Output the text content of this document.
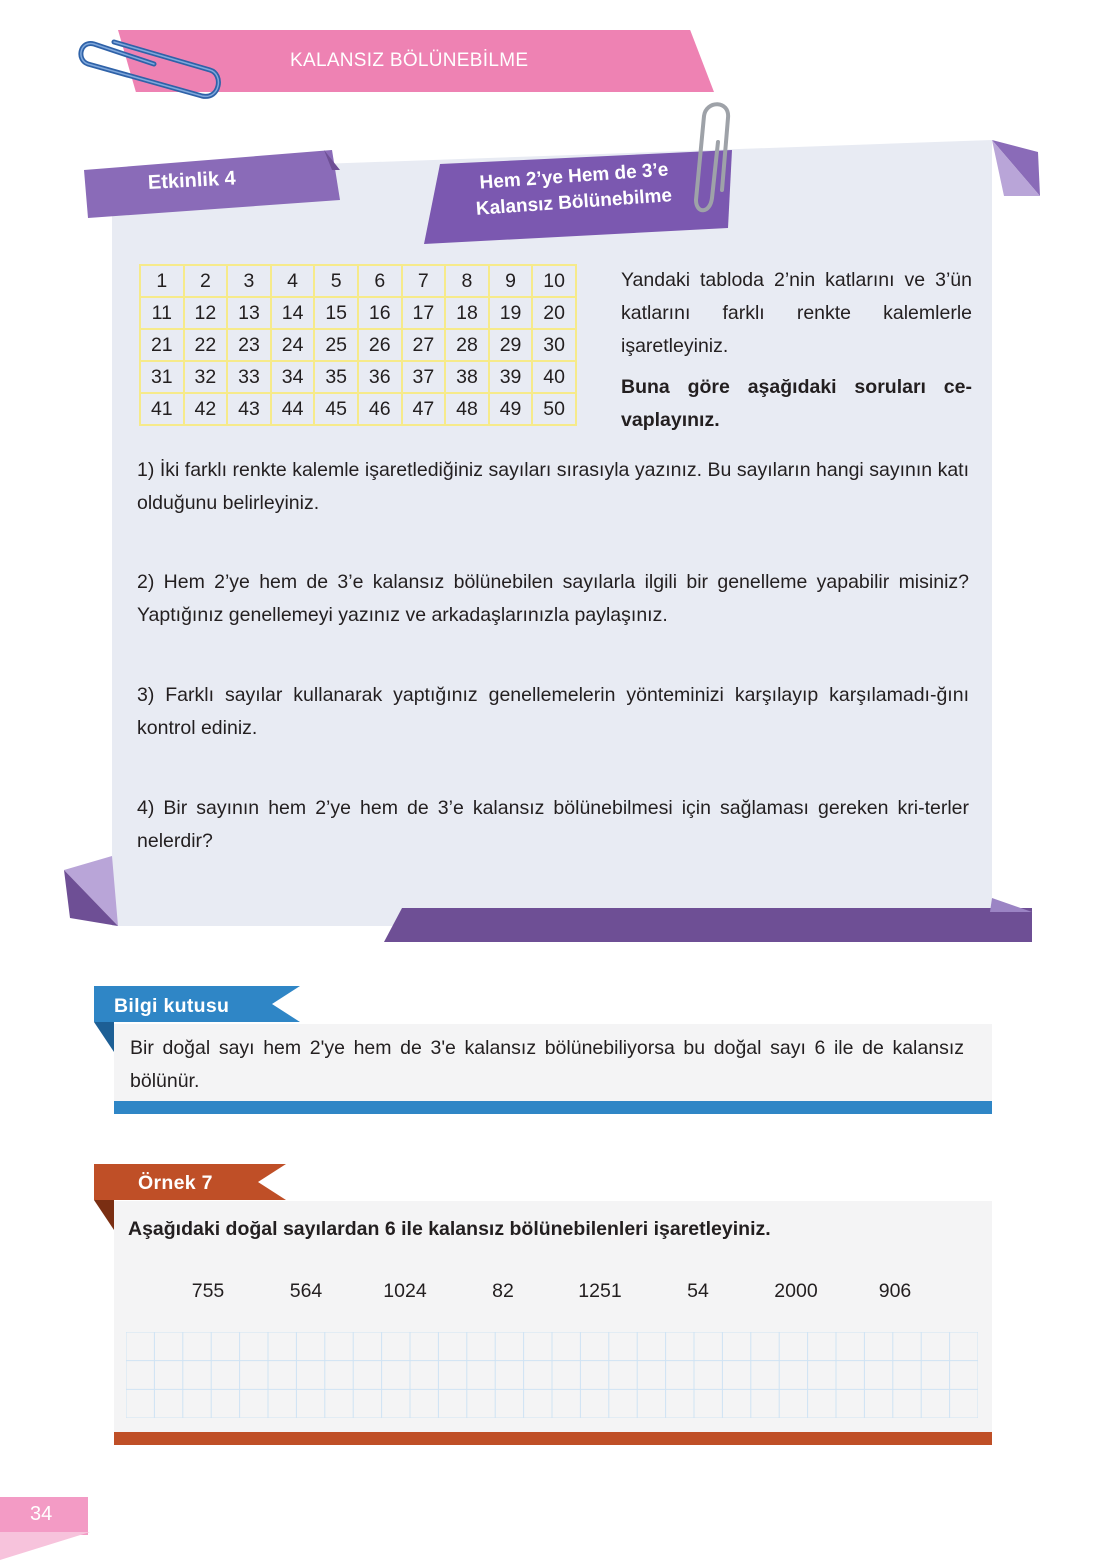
KALANSIZ BÖLÜNEBİLME
Etkinlik 4	Hem 2’ye Hem de 3’e
Kalansız Bölünebilme
1	2	3	4	5	6	7	8	9	10
11	12	13	14	15	16	17	18	19	20
21	22	23	24	25	26	27	28	29	30
31	32	33	34	35	36	37	38	39	40
41	42	43	44	45	46	47	48	49	50
Yandaki tabloda 2’nin katlarını ve 3’ün katlarını farklı renkte kalemlerle işaretleyiniz.
Buna göre aşağıdaki soruları ce-vaplayınız.
1) İki farklı renkte kalemle işaretlediğiniz sayıları sırasıyla yazınız. Bu sayıların hangi sayının katı olduğunu belirleyiniz.
2) Hem 2’ye hem de 3’e kalansız bölünebilen sayılarla ilgili bir genelleme yapabilir misiniz? Yaptığınız genellemeyi yazınız ve arkadaşlarınızla paylaşınız.
3) Farklı sayılar kullanarak yaptığınız genellemelerin yönteminizi karşılayıp karşılamadı-ğını kontrol ediniz.
4) Bir sayının hem 2’ye hem de 3’e kalansız bölünebilmesi için sağlaması gereken kri-terler nelerdir?
Bilgi kutusu
Bir doğal sayı hem 2'ye hem de 3'e kalansız bölünebiliyorsa bu doğal sayı 6 ile de kalansız bölünür.
Örnek 7
Aşağıdaki doğal sayılardan 6 ile kalansız bölünebilenleri işaretleyiniz.
755	564	1024	82	1251	54	2000	906
34
